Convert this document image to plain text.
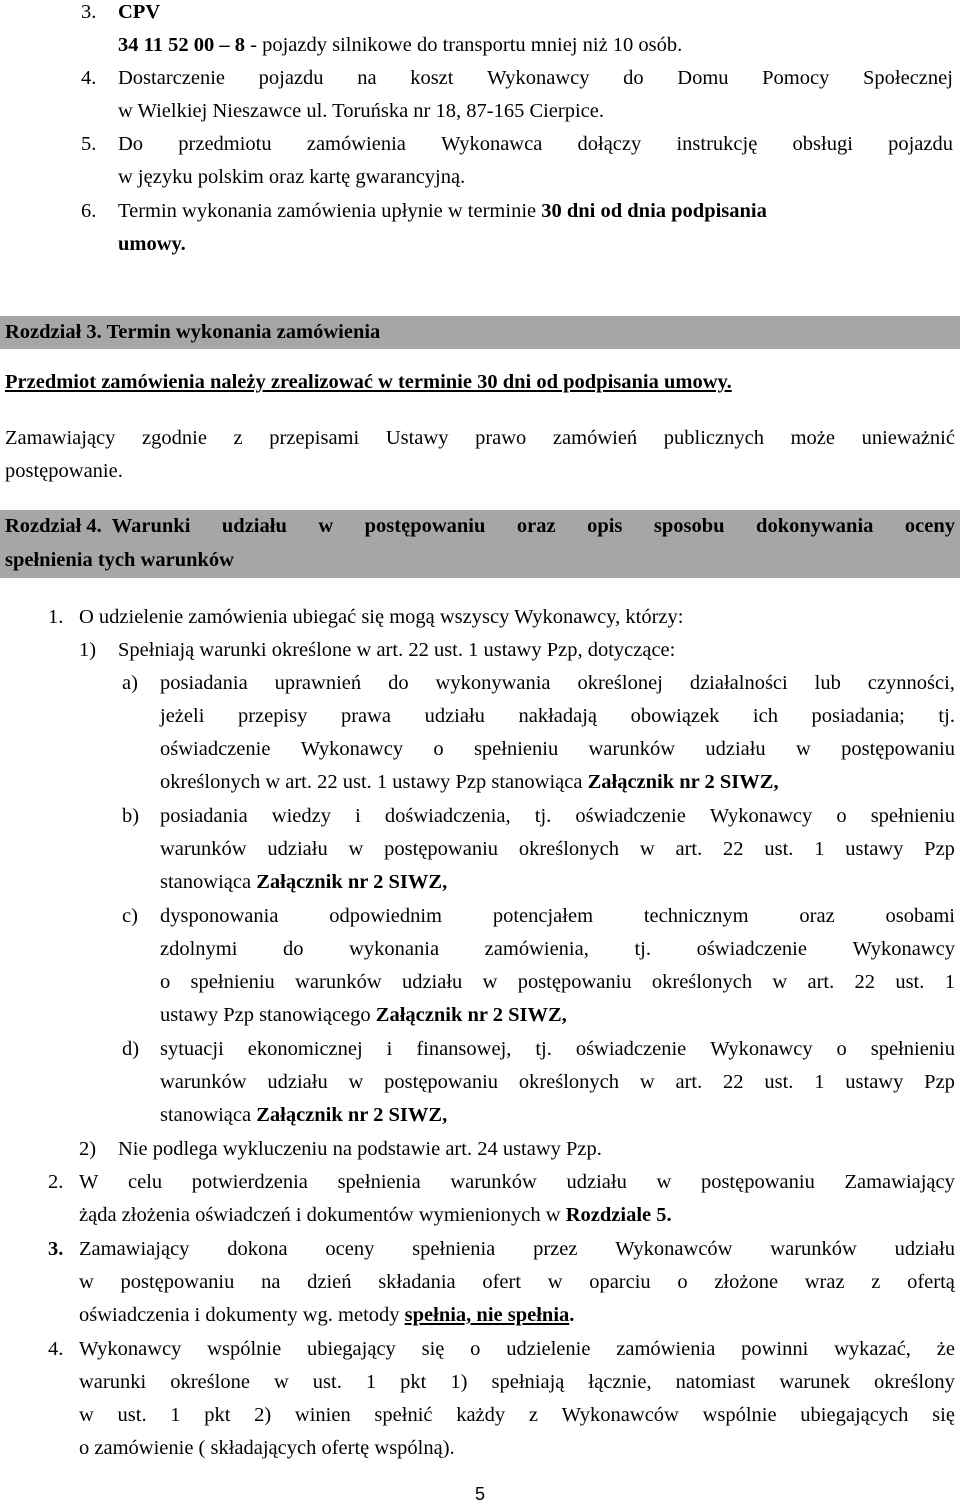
3. CPV
34 11 52 00 – 8 - pojazdy silnikowe do transportu mniej niż 10 osób.
4. Dostarczenie pojazdu na koszt Wykonawcy do Domu Pomocy Społecznej
w Wielkiej Nieszawce ul. Toruńska nr 18, 87-165 Cierpice.
5. Do przedmiotu zamówienia Wykonawca dołączy instrukcję obsługi pojazdu
w języku polskim oraz kartę gwarancyjną.
6. Termin wykonania zamówienia upłynie w terminie 30 dni od dnia podpisania
umowy.
Rozdział 3. Termin wykonania zamówienia
Przedmiot zamówienia należy zrealizować w terminie 30 dni od podpisania umowy.
Zamawiający zgodnie z przepisami Ustawy prawo zamówień publicznych może unieważnić
postępowanie.
Rozdział 4. Warunki udziału w postępowaniu oraz opis sposobu dokonywania oceny
spełnienia tych warunków
1. O udzielenie zamówienia ubiegać się mogą wszyscy Wykonawcy, którzy:
1) Spełniają warunki określone w art. 22 ust. 1 ustawy Pzp, dotyczące:
a) posiadania uprawnień do wykonywania określonej działalności lub czynności,
jeżeli przepisy prawa udziału nakładają obowiązek ich posiadania; tj.
oświadczenie Wykonawcy o spełnieniu warunków udziału w postępowaniu
określonych w art. 22 ust. 1 ustawy Pzp stanowiąca Załącznik nr 2 SIWZ,
b) posiadania wiedzy i doświadczenia, tj. oświadczenie Wykonawcy o spełnieniu
warunków udziału w postępowaniu określonych w art. 22 ust. 1 ustawy Pzp
stanowiąca Załącznik nr 2 SIWZ,
c) dysponowania odpowiednim potencjałem technicznym oraz osobami
zdolnymi do wykonania zamówienia, tj. oświadczenie Wykonawcy
o spełnieniu warunków udziału w postępowaniu określonych w art. 22 ust. 1
ustawy Pzp stanowiącego Załącznik nr 2 SIWZ,
d) sytuacji ekonomicznej i finansowej, tj. oświadczenie Wykonawcy o spełnieniu
warunków udziału w postępowaniu określonych w art. 22 ust. 1 ustawy Pzp
stanowiąca Załącznik nr 2 SIWZ,
2) Nie podlega wykluczeniu na podstawie art. 24 ustawy Pzp.
2. W celu potwierdzenia spełnienia warunków udziału w postępowaniu Zamawiający
żąda złożenia oświadczeń i dokumentów wymienionych w Rozdziale 5.
3. Zamawiający dokona oceny spełnienia przez Wykonawców warunków udziału
w postępowaniu na dzień składania ofert w oparciu o złożone wraz z ofertą
oświadczenia i dokumenty wg. metody spełnia, nie spełnia.
4. Wykonawcy wspólnie ubiegający się o udzielenie zamówienia powinni wykazać, że
warunki określone w ust. 1 pkt 1) spełniają łącznie, natomiast warunek określony
w ust. 1 pkt 2) winien spełnić każdy z Wykonawców wspólnie ubiegających się
o zamówienie ( składających ofertę wspólną).
5
